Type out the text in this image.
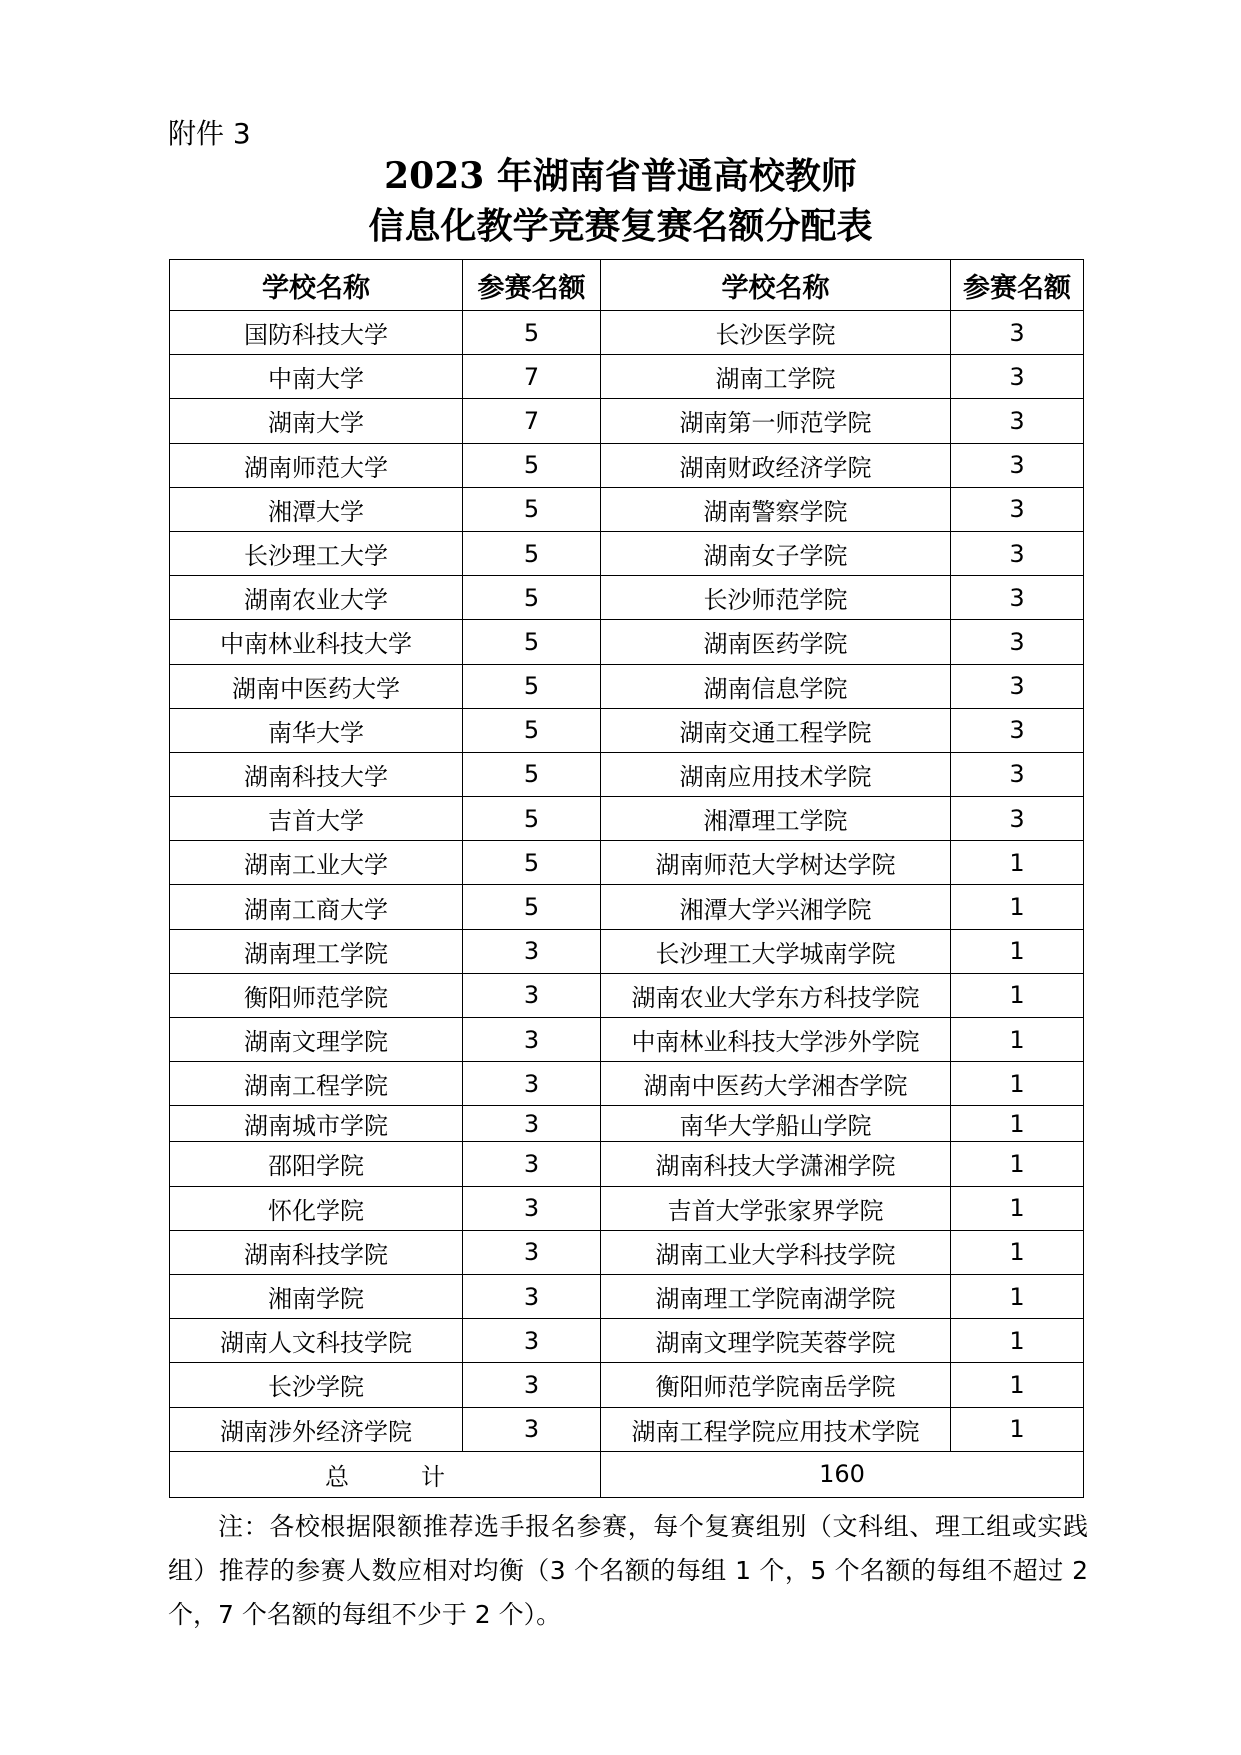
附件 3
2023 年湖南省普通高校教师
信息化教学竞赛复赛名额分配表
学校名称	参赛名额	学校名称	参赛名额
国防科技大学	5	长沙医学院	3
中南大学	7	湖南工学院	3
湖南大学	7	湖南第一师范学院	3
湖南师范大学	5	湖南财政经济学院	3
湘潭大学	5	湖南警察学院	3
长沙理工大学	5	湖南女子学院	3
湖南农业大学	5	长沙师范学院	3
中南林业科技大学	5	湖南医药学院	3
湖南中医药大学	5	湖南信息学院	3
南华大学	5	湖南交通工程学院	3
湖南科技大学	5	湖南应用技术学院	3
吉首大学	5	湘潭理工学院	3
湖南工业大学	5	湖南师范大学树达学院	1
湖南工商大学	5	湘潭大学兴湘学院	1
湖南理工学院	3	长沙理工大学城南学院	1
衡阳师范学院	3	湖南农业大学东方科技学院	1
湖南文理学院	3	中南林业科技大学涉外学院	1
湖南工程学院	3	湖南中医药大学湘杏学院	1
湖南城市学院	3	南华大学船山学院	1
邵阳学院	3	湖南科技大学潇湘学院	1
怀化学院	3	吉首大学张家界学院	1
湖南科技学院	3	湖南工业大学科技学院	1
湘南学院	3	湖南理工学院南湖学院	1
湖南人文科技学院	3	湖南文理学院芙蓉学院	1
长沙学院	3	衡阳师范学院南岳学院	1
湖南涉外经济学院	3	湖南工程学院应用技术学院	1
总　　　计		160	
注：各校根据限额推荐选手报名参赛，每个复赛组别（文科组、理工组或实践组）推荐的参赛人数应相对均衡（3 个名额的每组 1 个，5 个名额的每组不超过 2 个，7 个名额的每组不少于 2 个）。
